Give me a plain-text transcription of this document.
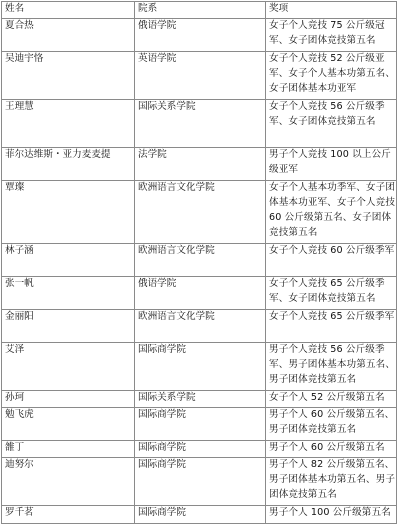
姓名	院系	奖项
夏合热	俄语学院	女子个人竞技 75 公斤级冠军、女子团体竞技第五名
吴迪宇恪	英语学院	女子个人竞技 52 公斤级亚军、女子个人基本功第五名、女子团体基本功亚军
王理慧	国际关系学院	女子个人竞技 56 公斤级季军、女子团体竞技第五名
菲尔达维斯・亚力麦麦提	法学院	男子个人竞技 100 以上公斤级亚军
覃璨	欧洲语言文化学院	女子个人基本功季军、女子团体基本功亚军、女子个人竞技 60 公斤级第五名、女子团体竞技第五名
林子涵	欧洲语言文化学院	女子个人竞技 60 公斤级季军
张一帆	俄语学院	女子个人竞技 65 公斤级季军、女子团体竞技第五名
金丽阳	欧洲语言文化学院	女子个人竞技 65 公斤级季军
艾泽	国际商学院	男子个人竞技 56 公斤级季军、男子团体基本功第五名、男子团体竞技第五名
孙珂	国际关系学院	女子个人 52 公斤级第五名
勉飞虎	国际商学院	男子个人 60 公斤级第五名、男子团体竞技第五名
雒丁	国际商学院	男子个人 60 公斤级第五名
迪努尔	国际商学院	男子个人 82 公斤级第五名、男子团体基本功第五名、男子团体竞技第五名
罗千茗	国际商学院	男子个人 100 公斤级第五名
